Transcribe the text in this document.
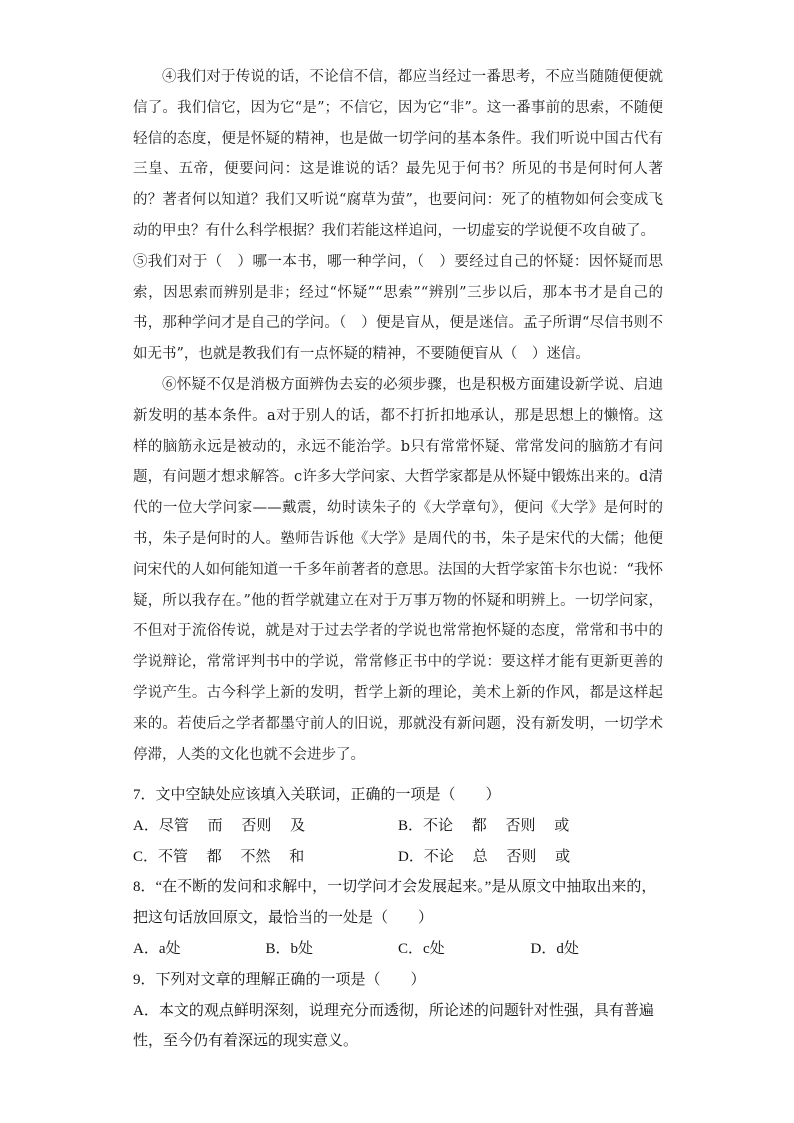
④我们对于传说的话，不论信不信，都应当经过一番思考，不应当随随便便就信了。我们信它，因为它“是”；不信它，因为它“非”。这一番事前的思索，不随便轻信的态度，便是怀疑的精神，也是做一切学问的基本条件。我们听说中国古代有三皇、五帝，便要问问：这是谁说的话？最先见于何书？所见的书是何时何人著的？著者何以知道？我们又听说“腐草为萤”，也要问问：死了的植物如何会变成飞动的甲虫？有什么科学根据？我们若能这样追问，一切虚妄的学说便不攻自破了。

⑤我们对于（　）哪一本书，哪一种学问，（　）要经过自己的怀疑：因怀疑而思索，因思索而辨别是非；经过“怀疑”“思索”“辨别”三步以后，那本书才是自己的书，那种学问才是自己的学问。（　）便是盲从，便是迷信。孟子所谓“尽信书则不如无书”，也就是教我们有一点怀疑的精神，不要随便盲从（　）迷信。

⑥怀疑不仅是消极方面辨伪去妄的必须步骤，也是积极方面建设新学说、启迪新发明的基本条件。a对于别人的话，都不打折扣地承认，那是思想上的懒惰。这样的脑筋永远是被动的，永远不能治学。b只有常常怀疑、常常发问的脑筋才有问题，有问题才想求解答。c许多大学问家、大哲学家都是从怀疑中锻炼出来的。d清代的一位大学问家——戴震，幼时读朱子的《大学章句》，便问《大学》是何时的书，朱子是何时的人。塾师告诉他《大学》是周代的书，朱子是宋代的大儒；他便问宋代的人如何能知道一千多年前著者的意思。法国的大哲学家笛卡尔也说：“我怀疑，所以我存在。”他的哲学就建立在对于万事万物的怀疑和明辨上。一切学问家，不但对于流俗传说，就是对于过去学者的学说也常常抱怀疑的态度，常常和书中的学说辩论，常常评判书中的学说，常常修正书中的学说：要这样才能有更新更善的学说产生。古今科学上新的发明，哲学上新的理论，美术上新的作风，都是这样起来的。若使后之学者都墨守前人的旧说，那就没有新问题，没有新发明，一切学术停滞，人类的文化也就不会进步了。

7．文中空缺处应该填入关联词，正确的一项是（　　）

A．尽管　 而　 否则　 及	B．不论　 都　 否则　 或
C．不管　 都　 不然　 和	D．不论　 总　 否则　 或

8．“在不断的发问和求解中，一切学问才会发展起来。”是从原文中抽取出来的，把这句话放回原文，最恰当的一处是（　　）

A．a处	B．b处	C．c处	D．d处

9．下列对文章的理解正确的一项是（　　）

A．本文的观点鲜明深刻，说理充分而透彻，所论述的问题针对性强，具有普遍性，至今仍有着深远的现实意义。
